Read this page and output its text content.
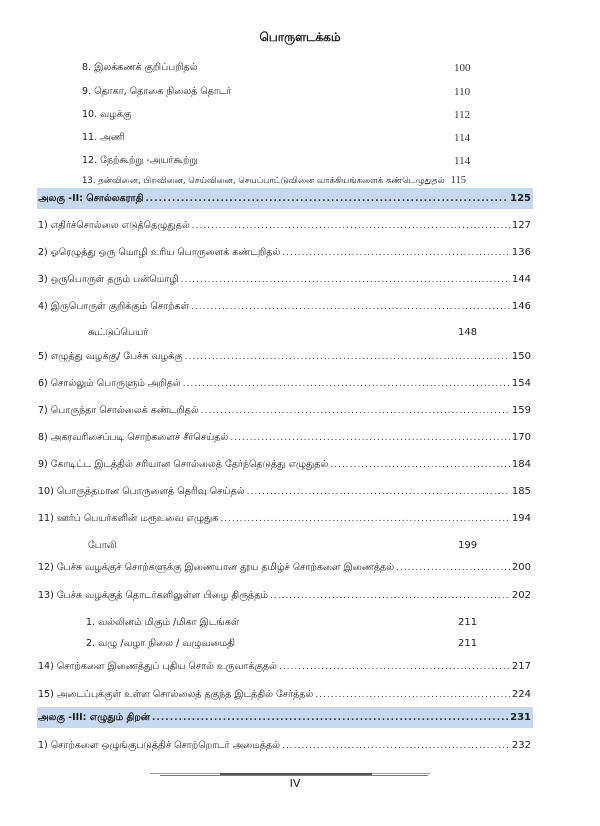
பொருளடக்கம்
8. இலக்கணக் குறிப்பறிதல்	100
9. தொகா, தொகை நிலைத் தொடர்	110
10. வழக்கு	112
11. அணி	114
12. நேற்கூற்று -அயர்கூற்று	114
13. தன்வினை, பிறவினை, செய்வினை, செயப்பாட்டுவினை வாக்கியங்களைக் கண்டெழுதுதல் 115
அலகு -II: சொல்லகராதி .....	125
1) எதிர்ச்சொல்லை எடுத்தெழுதுதல் .....	127
2) ஓரெழுத்து ஒரு மொழி உரிய பொருளைக் கண்டறிதல் .....	136
3) ஒருபொருள் தரும் பன்மொழி .....	144
4) இருபொருள் குறிக்கும் சொற்கள் .....	146
கூட்டுப்பெயர்	148
5) எழுத்து வழக்கு/ பேச்சு வழக்கு .....	150
6) சொல்லும் பொருளும் அறிதல் .....	154
7) பொருந்தா சொல்லைக் கண்டறிதல் .....	159
8) அகரவரிசைப்படி சொற்களைச் சீர்செய்தல் .....	170
9) கோடிட்ட இடத்தில் சரியான சொல்லைத் தேர்ந்தெடுத்து எழுதுதல் .....	184
10) பொருத்தமான பொருளைத் தெரிவு செய்தல் .....	185
11) ஊர்ப் பெயர்களின் மரூஉவை எழுதுக .....	194
போலி	199
12) பேச்சு வழக்குச் சொற்களுக்கு இணையான தூய தமிழ்ச் சொற்களை இணைத்தல் .....	200
13) பேச்சு வழக்குத் தொடர்களிலுள்ள பிழை திருத்தம் .....	202
1. வல்லினம் மிகும் /மிகா இடங்கள்	211
2. வழு /வழா நிலை / வழுவமைதி	211
14) சொற்களை இணைத்துப் புதிய சொல் உருவாக்குதல் .....	217
15) அடைப்புக்குள் உள்ள சொல்லைத் தகுந்த இடத்தில் சேர்த்தல் .....	224
அலகு -III: எழுதும் திறன் .....	231
1) சொற்களை ஒழுங்குபடுத்திச் சொற்றொடர் அமைத்தல் .....	232
IV
